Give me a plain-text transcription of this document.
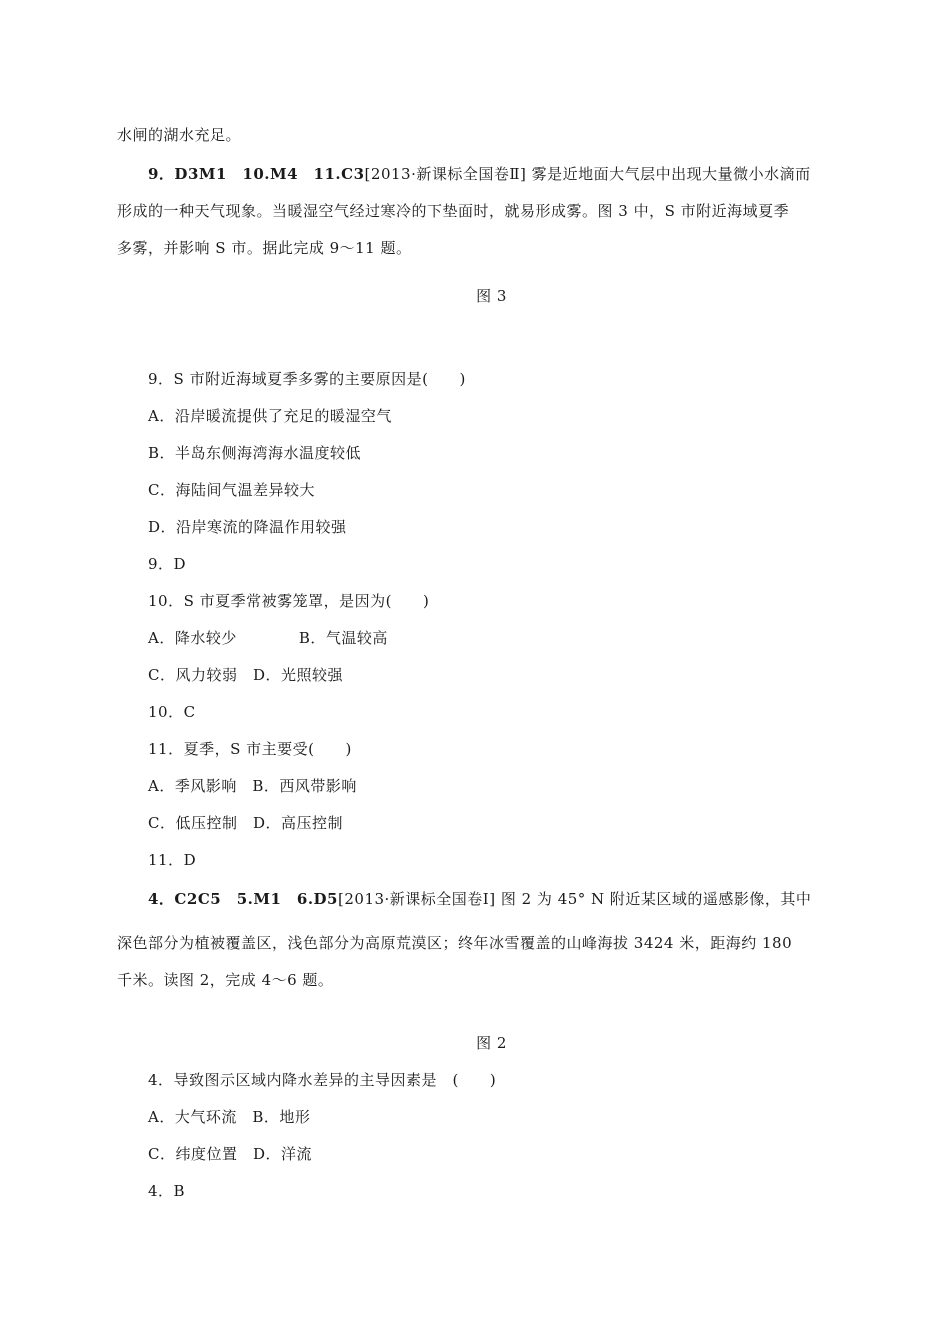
水闸的湖水充足。
9．D3M1　10.M4　11.C3[2013·新课标全国卷Ⅱ] 雾是近地面大气层中出现大量微小水滴而
形成的一种天气现象。当暖湿空气经过寒冷的下垫面时，就易形成雾。图 3 中，S 市附近海域夏季
多雾，并影响 S 市。据此完成 9～11 题。
图 3
9．S 市附近海域夏季多雾的主要原因是(　　)
A．沿岸暖流提供了充足的暖湿空气
B．半岛东侧海湾海水温度较低
C．海陆间气温差异较大
D．沿岸寒流的降温作用较强
9．D
10．S 市夏季常被雾笼罩，是因为(　　)
A．降水较少　　　　B．气温较高
C．风力较弱　D．光照较强
10．C
11．夏季，S 市主要受(　　)
A．季风影响　B．西风带影响
C．低压控制　D．高压控制
11．D
4．C2C5　5.M1　6.D5[2013·新课标全国卷Ⅰ] 图 2 为 45° N 附近某区域的遥感影像，其中
深色部分为植被覆盖区，浅色部分为高原荒漠区；终年冰雪覆盖的山峰海拔 3424 米，距海约 180
千米。读图 2，完成 4～6 题。
图 2
4．导致图示区域内降水差异的主导因素是　(　　)
A．大气环流　B．地形
C．纬度位置　D．洋流
4．B
